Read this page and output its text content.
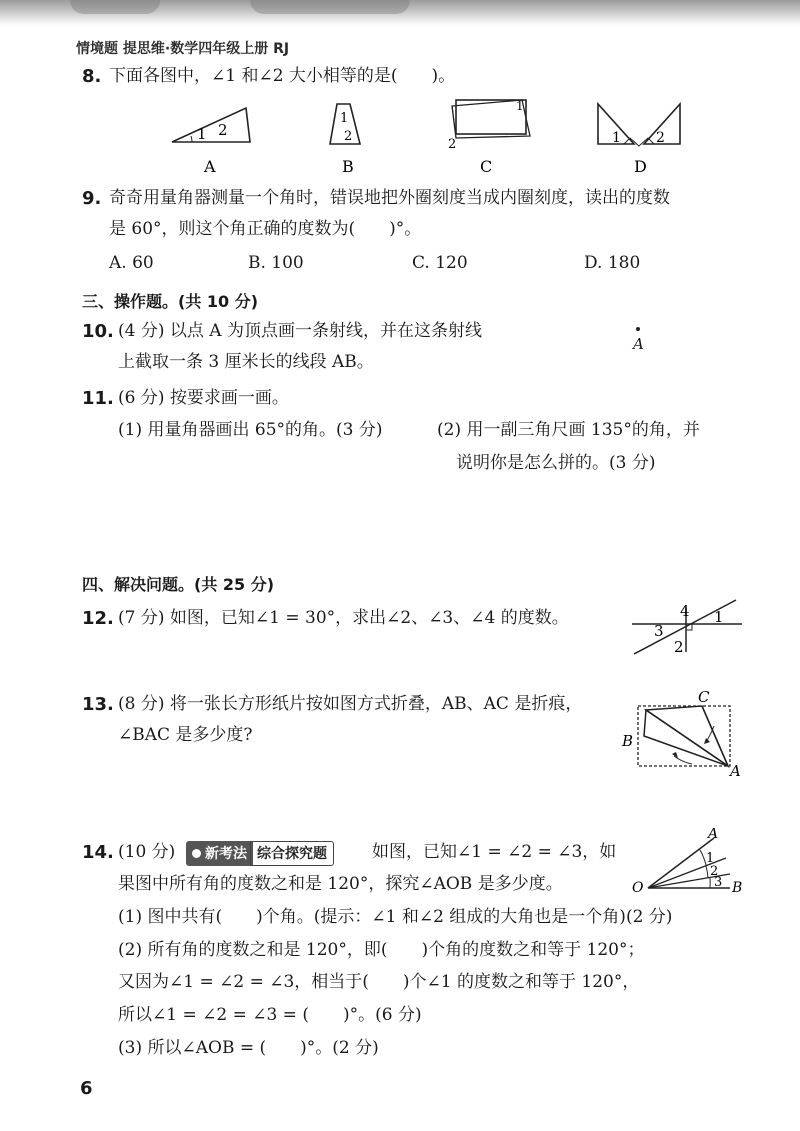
情境题 提思维·数学四年级上册 RJ
8. 下面各图中，∠1 和∠2 大小相等的是(　　)。
1 2
A
1
2
B
1
2
C
1	2
D
9. 奇奇用量角器测量一个角时，错误地把外圈刻度当成内圈刻度，读出的度数
是 60°，则这个角正确的度数为(　　)°。
A. 60	B. 100	C. 120	D. 180
三、操作题。(共 10 分)
10. (4 分) 以点 A 为顶点画一条射线，并在这条射线
上截取一条 3 厘米长的线段 AB。
A
11. (6 分) 按要求画一画。
(1) 用量角器画出 65°的角。(3 分)	(2) 用一副三角尺画 135°的角，并
说明你是怎么拼的。(3 分)
四、解决问题。(共 25 分)
12. (7 分) 如图，已知∠1 = 30°，求出∠2、∠3、∠4 的度数。	1
2
3
4
13. (8 分) 将一张长方形纸片按如图方式折叠，AB、AC 是折痕，
∠BAC 是多少度?
C
B
A
14. (10 分)	新考法 综合探究题	如图，已知∠1 = ∠2 = ∠3，如
果图中所有角的度数之和是 120°，探究∠AOB 是多少度。
(1) 图中共有(　　)个角。(提示：∠1 和∠2 组成的大角也是一个角)(2 分)
(2) 所有角的度数之和是 120°，即(　　)个角的度数之和等于 120°；
又因为∠1 = ∠2 = ∠3，相当于(　　)个∠1 的度数之和等于 120°，
所以∠1 = ∠2 = ∠3 = (　　)°。(6 分)
(3) 所以∠AOB = (　　)°。(2 分)
1
2
3
A
O	B
6
